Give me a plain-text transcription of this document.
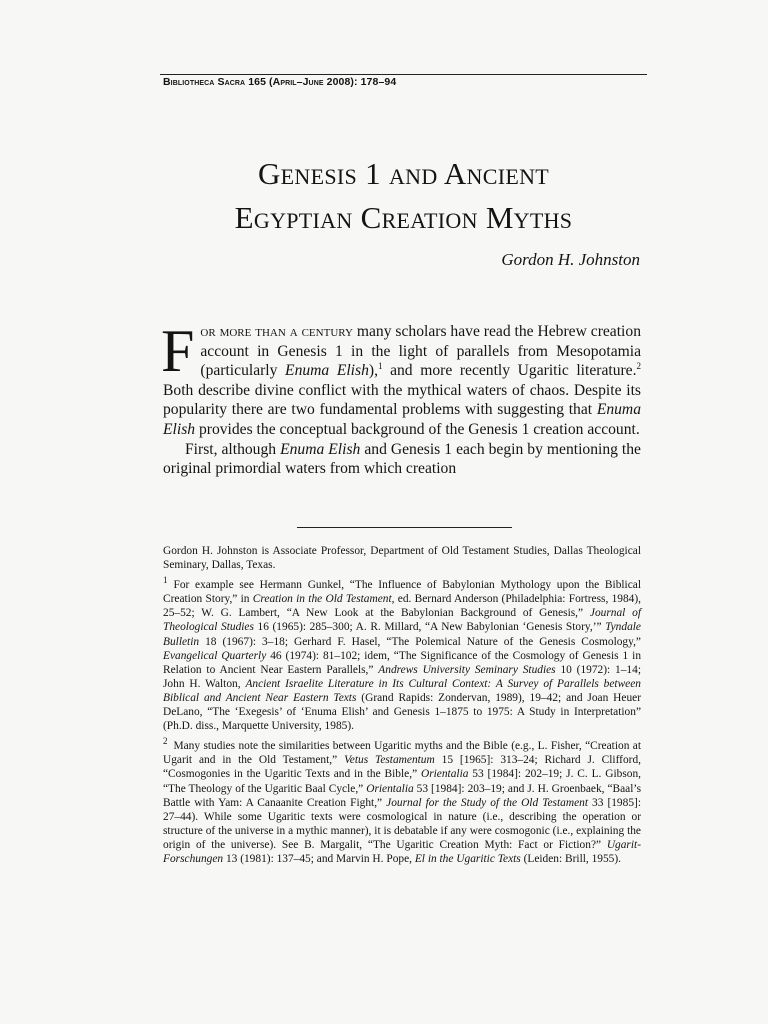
Bibliotheca Sacra 165 (April–June 2008): 178–94
Genesis 1 and Ancient
Egyptian Creation Myths
Gordon H. Johnston

For more than a century many scholars have read the Hebrew creation account in Genesis 1 in the light of parallels from Mesopotamia (particularly Enuma Elish),$^1$ and more recently Ugaritic literature.$^2$ Both describe divine conflict with the mythical waters of chaos. Despite its popularity there are two fundamental problems with suggesting that Enuma Elish provides the conceptual background of the Genesis 1 creation account.

First, although Enuma Elish and Genesis 1 each begin by mentioning the original primordial waters from which creation

Gordon H. Johnston is Associate Professor, Department of Old Testament Studies, Dallas Theological Seminary, Dallas, Texas.

$^1$ For example see Hermann Gunkel, “The Influence of Babylonian Mythology upon the Biblical Creation Story,” in Creation in the Old Testament, ed. Bernard Anderson (Philadelphia: Fortress, 1984), 25–52; W. G. Lambert, “A New Look at the Babylonian Background of Genesis,” Journal of Theological Studies 16 (1965): 285–300; A. R. Millard, “A New Babylonian ‘Genesis Story,’” Tyndale Bulletin 18 (1967): 3–18; Gerhard F. Hasel, “The Polemical Nature of the Genesis Cosmology,” Evangelical Quarterly 46 (1974): 81–102; idem, “The Significance of the Cosmology of Genesis 1 in Relation to Ancient Near Eastern Parallels,” Andrews University Seminary Studies 10 (1972): 1–14; John H. Walton, Ancient Israelite Literature in Its Cultural Context: A Survey of Parallels between Biblical and Ancient Near Eastern Texts (Grand Rapids: Zondervan, 1989), 19–42; and Joan Heuer DeLano, “The ‘Exegesis’ of ‘Enuma Elish’ and Genesis 1–1875 to 1975: A Study in Interpretation” (Ph.D. diss., Marquette University, 1985).

$^2$ Many studies note the similarities between Ugaritic myths and the Bible (e.g., L. Fisher, “Creation at Ugarit and in the Old Testament,” Vetus Testamentum 15 [1965]: 313–24; Richard J. Clifford, “Cosmogonies in the Ugaritic Texts and in the Bible,” Orientalia 53 [1984]: 202–19; J. C. L. Gibson, “The Theology of the Ugaritic Baal Cycle,” Orientalia 53 [1984]: 203–19; and J. H. Groenbaek, “Baal’s Battle with Yam: A Canaanite Creation Fight,” Journal for the Study of the Old Testament 33 [1985]: 27–44). While some Ugaritic texts were cosmological in nature (i.e., describing the operation or structure of the universe in a mythic manner), it is debatable if any were cosmogonic (i.e., explaining the origin of the universe). See B. Margalit, “The Ugaritic Creation Myth: Fact or Fiction?” Ugarit-Forschungen 13 (1981): 137–45; and Marvin H. Pope, El in the Ugaritic Texts (Leiden: Brill, 1955).
